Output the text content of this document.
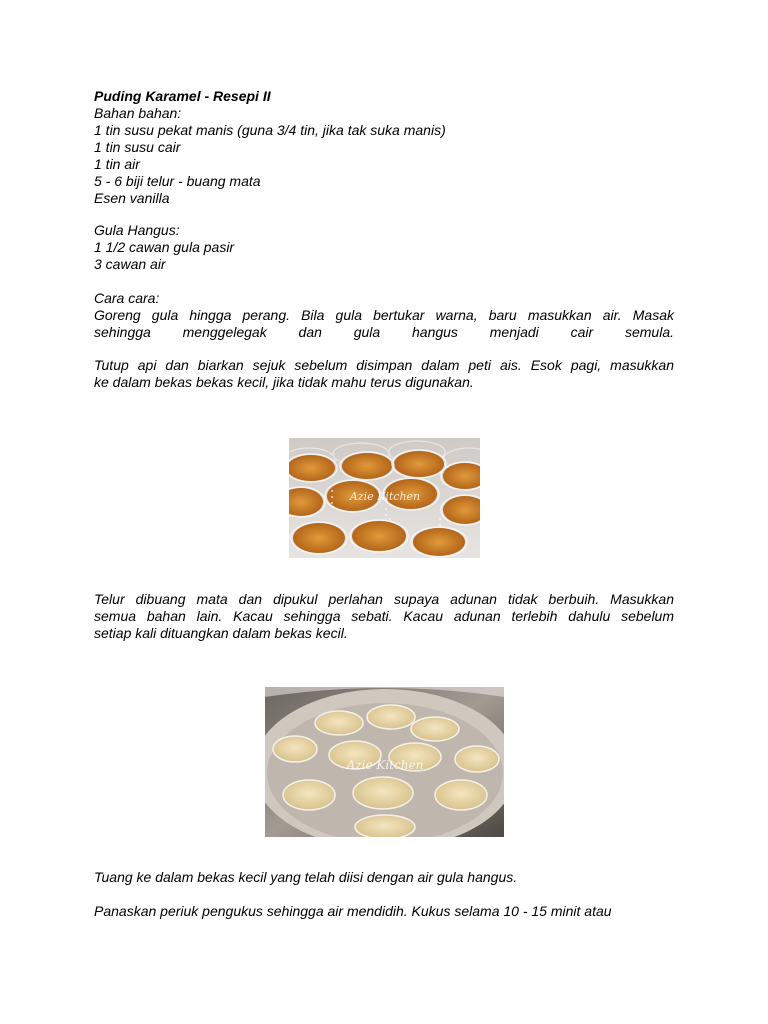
Puding Karamel - Resepi II
Bahan bahan:
1 tin susu pekat manis (guna 3/4 tin, jika tak suka manis)
1 tin susu cair
1 tin air
5 - 6 biji telur - buang mata
Esen vanilla
Gula Hangus:
1 1/2 cawan gula pasir
3 cawan air
Cara cara:
Goreng gula hingga perang. Bila gula bertukar warna, baru masukkan air. Masak
sehingga menggelegak dan gula hangus menjadi cair semula.
Tutup api dan biarkan sejuk sebelum disimpan dalam peti ais. Esok pagi, masukkan
ke dalam bekas bekas kecil, jika tidak mahu terus digunakan.
Azie Kitchen
Telur dibuang mata dan dipukul perlahan supaya adunan tidak berbuih. Masukkan
semua bahan lain. Kacau sehingga sebati. Kacau adunan terlebih dahulu sebelum
setiap kali dituangkan dalam bekas kecil.
Azie Kitchen
Tuang ke dalam bekas kecil yang telah diisi dengan air gula hangus.
Panaskan periuk pengukus sehingga air mendidih. Kukus selama 10 - 15 minit atau
